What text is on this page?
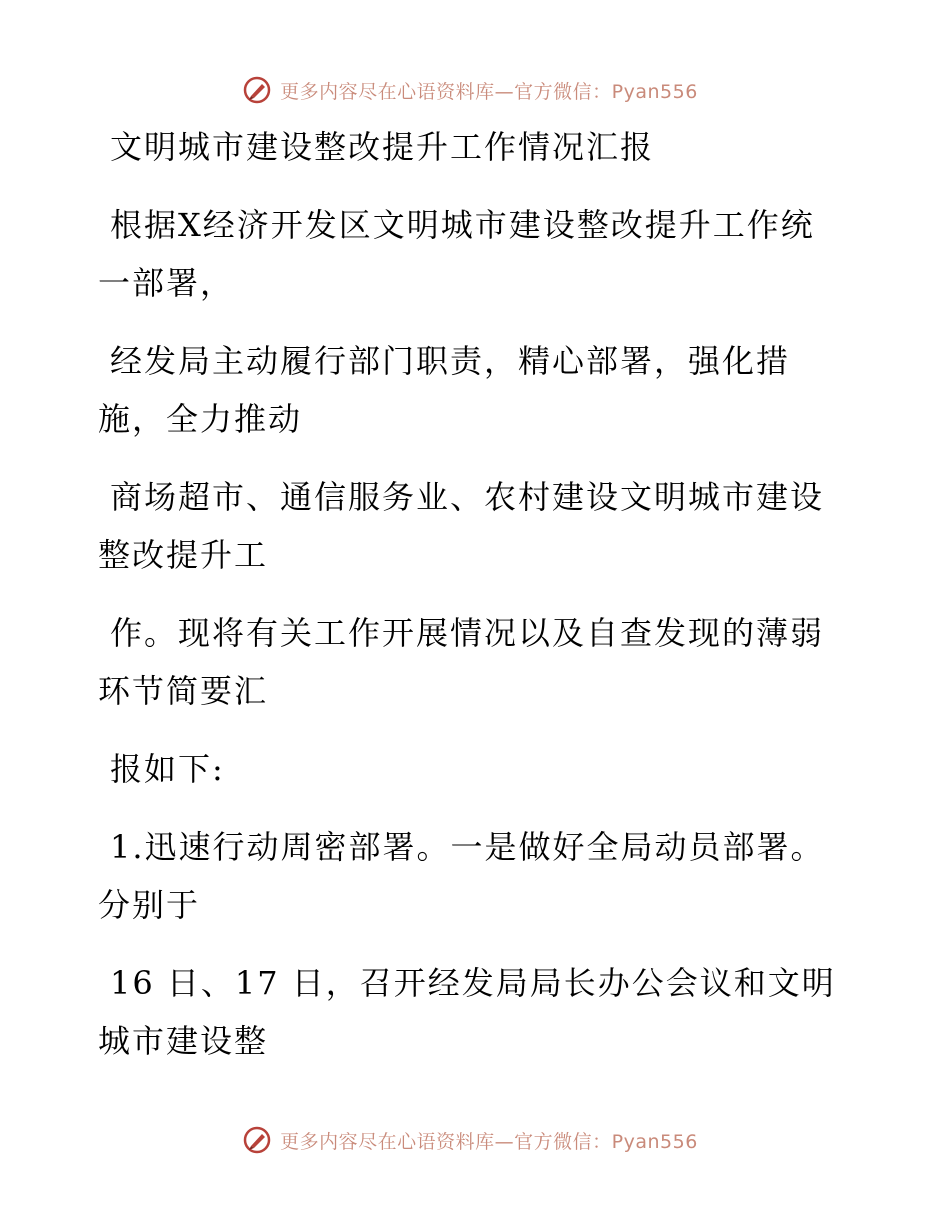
更多内容尽在心语资料库—官方微信：Pyan556
文明城市建设整改提升工作情况汇报
根据X经济开发区文明城市建设整改提升工作统
一部署，
经发局主动履行部门职责，精心部署，强化措
施，全力推动
商场超市、通信服务业、农村建设文明城市建设
整改提升工
作。现将有关工作开展情况以及自查发现的薄弱
环节简要汇
报如下:
1.迅速行动周密部署。一是做好全局动员部署。
分别于
16 日、17 日，召开经发局局长办公会议和文明
城市建设整
更多内容尽在心语资料库—官方微信：Pyan556
